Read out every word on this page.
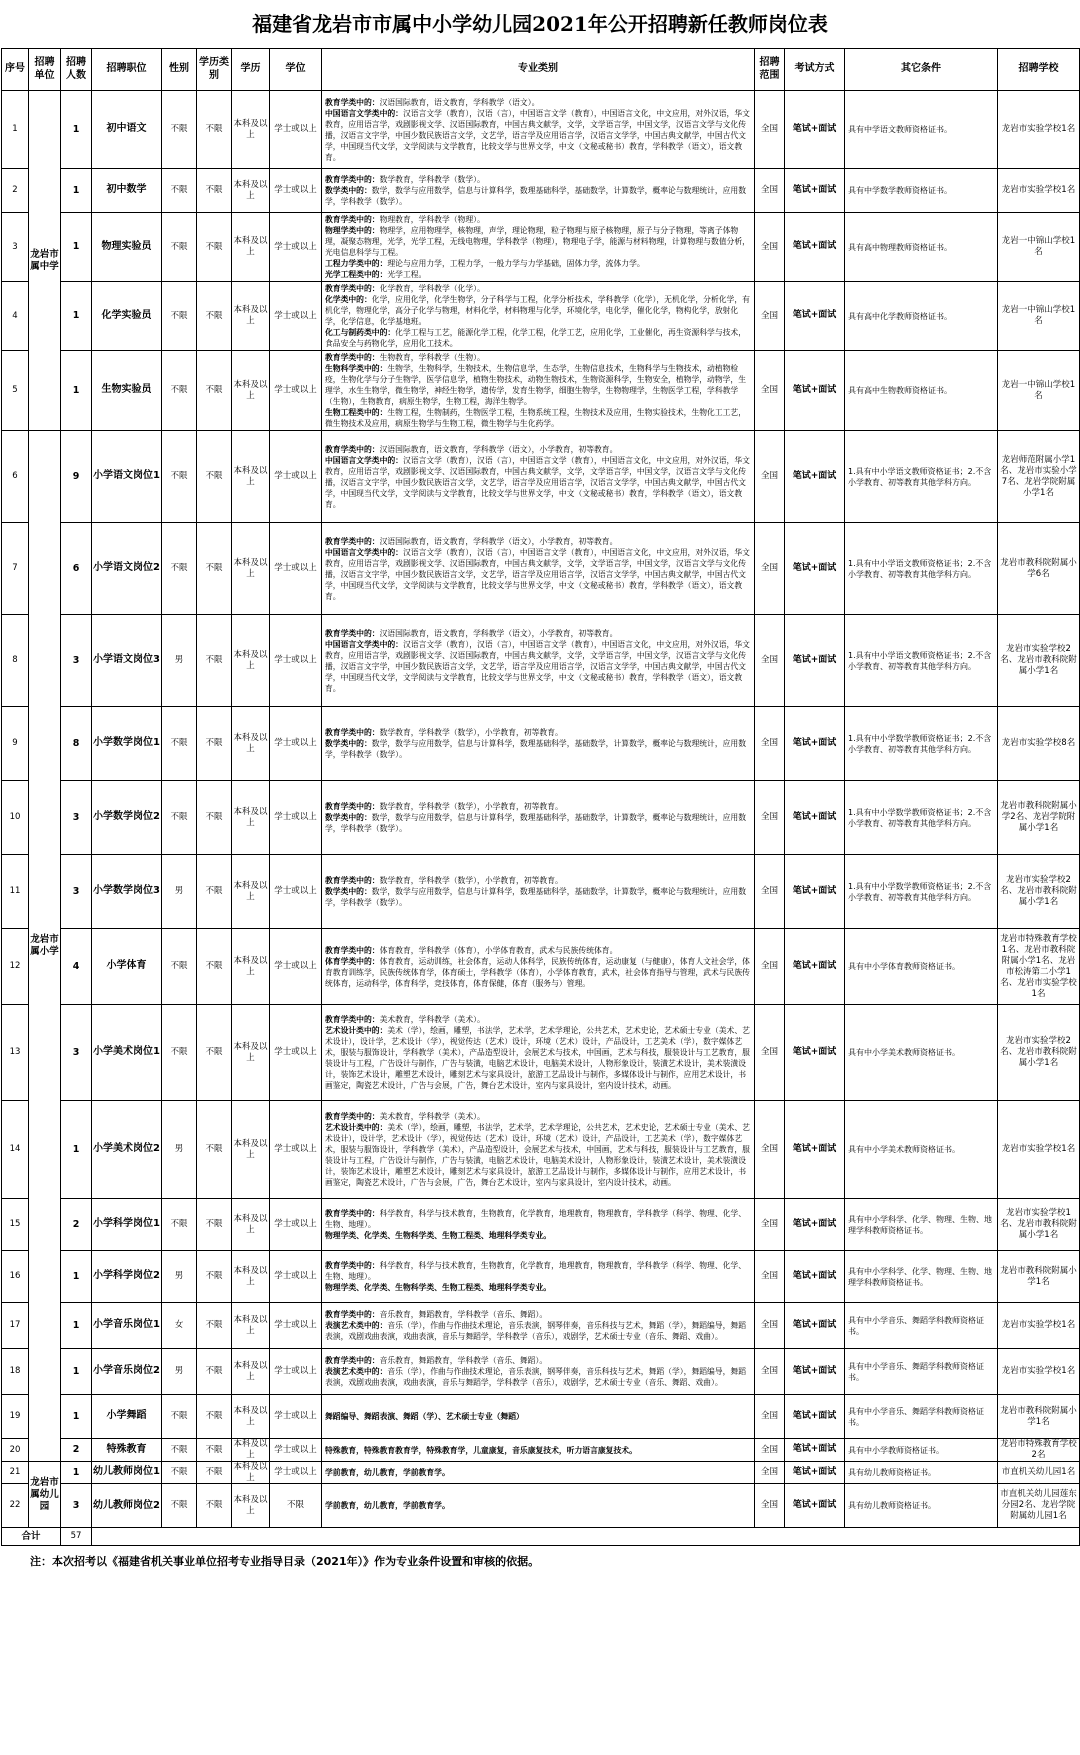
福建省龙岩市市属中小学幼儿园2021年公开招聘新任教师岗位表
序号	招聘单位	招聘人数	招聘职位	性别	学历类别	学历	学位	专业类别	招聘范围	考试方式	其它条件	招聘学校
1	龙岩市属中学	1	初中语文	不限	不限	本科及以上	学士或以上	教育学类中的：汉语国际教育，语文教育，学科教学（语文）。
中国语言文学类中的：汉语言文学（教育），汉语（言），中国语言文学（教育），中国语言文化，中文应用，对外汉语，华文教育，应用语言学，戏剧影视文学、汉语国际教育，中国古典文献学，文学，文学语言学，中国文学，汉语言文学与文化传播，汉语言文字学，中国少数民族语言文学，文艺学，语言学及应用语言学，汉语言文学学，中国古典文献学，中国古代文学，中国现当代文学，文学阅读与文学教育，比较文学与世界文学，中文（文秘或秘书）教育，学科教学（语文），语文教育。	全国	笔试+面试	具有中学语文教师资格证书。	龙岩市实验学校1名
2		1	初中数学	不限	不限	本科及以上	学士或以上	教育学类中的：数学教育，学科教学（数学）。
数学类中的：数学，数学与应用数学，信息与计算科学，数理基础科学，基础数学，计算数学，概率论与数理统计，应用数学，学科教学（数学）。	全国	笔试+面试	具有中学数学教师资格证书。	龙岩市实验学校1名
3		1	物理实验员	不限	不限	本科及以上	学士或以上	教育学类中的：物理教育，学科教学（物理）。
物理学类中的：物理学，应用物理学，核物理，声学，理论物理，粒子物理与原子核物理，原子与分子物理，等离子体物理，凝聚态物理，光学，光学工程，无线电物理，学科教学（物理），物理电子学，能源与材料物理，计算物理与数值分析，光电信息科学与工程。
工程力学类中的：理论与应用力学，工程力学，一般力学与力学基础，固体力学，流体力学。
光学工程类中的：光学工程。	全国	笔试+面试	具有高中物理教师资格证书。	龙岩一中锦山学校1名
4		1	化学实验员	不限	不限	本科及以上	学士或以上	教育学类中的：化学教育，学科教学（化学）。
化学类中的：化学，应用化学，化学生物学，分子科学与工程，化学分析技术，学科教学（化学），无机化学，分析化学，有机化学，物理化学，高分子化学与物理，材料化学，材料物理与化学，环境化学，电化学，催化化学，物构化学，放射化学，化学信息，化学基地班。
化工与制药类中的：化学工程与工艺，能源化学工程，化学工程，化学工艺，应用化学，工业催化，再生资源科学与技术，食品安全与药物化学，应用化工技术。	全国	笔试+面试	具有高中化学教师资格证书。	龙岩一中锦山学校1名
5		1	生物实验员	不限	不限	本科及以上	学士或以上	教育学类中的：生物教育，学科教学（生物）。
生物科学类中的：生物学，生物科学，生物技术，生物信息学，生态学，生物信息技术，生物科学与生物技术，动植物检疫，生物化学与分子生物学，医学信息学，植物生物技术，动物生物技术，生物资源科学，生物安全，植物学，动物学，生理学，水生生物学，微生物学，神经生物学，遗传学，发育生物学，细胞生物学，生物物理学，生物医学工程，学科教学（生物），生物教育，病原生物学，生物工程，海洋生物学。
生物工程类中的：生物工程，生物制药，生物医学工程，生物系统工程，生物技术及应用，生物实验技术，生物化工工艺，微生物技术及应用，病原生物学与生物工程，微生物学与生化药学。	全国	笔试+面试	具有高中生物教师资格证书。	龙岩一中锦山学校1名
6	龙岩市属小学	9	小学语文岗位1	不限	不限	本科及以上	学士或以上	教育学类中的：汉语国际教育，语文教育，学科教学（语文），小学教育，初等教育。
中国语言文学类中的：汉语言文学（教育），汉语（言），中国语言文学（教育），中国语言文化，中文应用，对外汉语，华文教育，应用语言学，戏剧影视文学、汉语国际教育，中国古典文献学，文学，文学语言学，中国文学，汉语言文学与文化传播，汉语言文字学，中国少数民族语言文学，文艺学，语言学及应用语言学，汉语言文学学，中国古典文献学，中国古代文学，中国现当代文学，文学阅读与文学教育，比较文学与世界文学，中文（文秘或秘书）教育，学科教学（语文），语文教育。	全国	笔试+面试	1.具有中小学语文教师资格证书；2.不含小学教育、初等教育其他学科方向。	龙岩师范附属小学1名、龙岩市实验小学7名、龙岩学院附属小学1名
7		6	小学语文岗位2	不限	不限	本科及以上	学士或以上	教育学类中的：汉语国际教育，语文教育，学科教学（语文），小学教育，初等教育。
中国语言文学类中的：汉语言文学（教育），汉语（言），中国语言文学（教育），中国语言文化，中文应用，对外汉语，华文教育，应用语言学，戏剧影视文学、汉语国际教育，中国古典文献学，文学，文学语言学，中国文学，汉语言文学与文化传播，汉语言文字学，中国少数民族语言文学，文艺学，语言学及应用语言学，汉语言文学学，中国古典文献学，中国古代文学，中国现当代文学，文学阅读与文学教育，比较文学与世界文学，中文（文秘或秘书）教育，学科教学（语文），语文教育。	全国	笔试+面试	1.具有中小学语文教师资格证书；2.不含小学教育、初等教育其他学科方向。	龙岩市教科院附属小学6名
8		3	小学语文岗位3	男	不限	本科及以上	学士或以上	教育学类中的：汉语国际教育，语文教育，学科教学（语文），小学教育，初等教育。
中国语言文学类中的：汉语言文学（教育），汉语（言），中国语言文学（教育），中国语言文化，中文应用，对外汉语，华文教育，应用语言学，戏剧影视文学、汉语国际教育，中国古典文献学，文学，文学语言学，中国文学，汉语言文学与文化传播，汉语言文字学，中国少数民族语言文学，文艺学，语言学及应用语言学，汉语言文学学，中国古典文献学，中国古代文学，中国现当代文学，文学阅读与文学教育，比较文学与世界文学，中文（文秘或秘书）教育，学科教学（语文），语文教育。	全国	笔试+面试	1.具有中小学语文教师资格证书；2.不含小学教育、初等教育其他学科方向。	龙岩市实验学校2名、龙岩市教科院附属小学1名
9		8	小学数学岗位1	不限	不限	本科及以上	学士或以上	教育学类中的：数学教育，学科教学（数学），小学教育，初等教育。
数学类中的：数学，数学与应用数学，信息与计算科学，数理基础科学，基础数学，计算数学，概率论与数理统计，应用数学，学科教学（数学）。	全国	笔试+面试	1.具有中小学数学教师资格证书；2.不含小学教育、初等教育其他学科方向。	龙岩市实验学校8名
10		3	小学数学岗位2	不限	不限	本科及以上	学士或以上	教育学类中的：数学教育，学科教学（数学），小学教育，初等教育。
数学类中的：数学，数学与应用数学，信息与计算科学，数理基础科学，基础数学，计算数学，概率论与数理统计，应用数学，学科教学（数学）。	全国	笔试+面试	1.具有中小学数学教师资格证书；2.不含小学教育、初等教育其他学科方向。	龙岩市教科院附属小学2名、龙岩学院附属小学1名
11		3	小学数学岗位3	男	不限	本科及以上	学士或以上	教育学类中的：数学教育，学科教学（数学），小学教育，初等教育。
数学类中的：数学，数学与应用数学，信息与计算科学，数理基础科学，基础数学，计算数学，概率论与数理统计，应用数学，学科教学（数学）。	全国	笔试+面试	1.具有中小学数学教师资格证书；2.不含小学教育、初等教育其他学科方向。	龙岩市实验学校2名、龙岩市教科院附属小学1名
12		4	小学体育	不限	不限	本科及以上	学士或以上	教育学类中的：体育教育，学科教学（体育），小学体育教育，武术与民族传统体育。
体育学类中的：体育教育，运动训练，社会体育，运动人体科学，民族传统体育，运动康复（与健康），体育人文社会学，体育教育训练学，民族传统体育学，体育硕士，学科教学（体育），小学体育教育，武术，社会体育指导与管理，武术与民族传统体育，运动科学，体育科学，竞技体育，体育保健，体育（服务与）管理。	全国	笔试+面试	具有中小学体育教师资格证书。	龙岩市特殊教育学校1名、龙岩市教科院附属小学1名、龙岩市松涛第二小学1名、龙岩市实验学校1名
13		3	小学美术岗位1	不限	不限	本科及以上	学士或以上	教育学类中的：美术教育，学科教学（美术）。
艺术设计类中的：美术（学），绘画，雕塑，书法学，艺术学，艺术学理论，公共艺术，艺术史论，艺术硕士专业（美术、艺术设计），设计学，艺术设计（学），视觉传达（艺术）设计，环境（艺术）设计，产品设计，工艺美术（学），数字媒体艺术，服装与服饰设计，学科教学（美术），产品造型设计，会展艺术与技术，中国画，艺术与科技，服装设计与工艺教育，服装设计与工程，广告设计与制作，广告与装潢，电脑艺术设计，电脑美术设计，人物形象设计，装潢艺术设计，美术装潢设计，装饰艺术设计，雕塑艺术设计，雕刻艺术与家具设计，旅游工艺品设计与制作，多媒体设计与制作，应用艺术设计，书画鉴定，陶瓷艺术设计，广告与会展，广告，舞台艺术设计，室内与家具设计，室内设计技术，动画。	全国	笔试+面试	具有中小学美术教师资格证书。	龙岩市实验学校2名、龙岩市教科院附属小学1名
14		1	小学美术岗位2	男	不限	本科及以上	学士或以上	教育学类中的：美术教育，学科教学（美术）。
艺术设计类中的：美术（学），绘画，雕塑，书法学，艺术学，艺术学理论，公共艺术，艺术史论，艺术硕士专业（美术、艺术设计），设计学，艺术设计（学），视觉传达（艺术）设计，环境（艺术）设计，产品设计，工艺美术（学），数字媒体艺术，服装与服饰设计，学科教学（美术），产品造型设计，会展艺术与技术，中国画，艺术与科技，服装设计与工艺教育，服装设计与工程，广告设计与制作，广告与装潢，电脑艺术设计，电脑美术设计，人物形象设计，装潢艺术设计，美术装潢设计，装饰艺术设计，雕塑艺术设计，雕刻艺术与家具设计，旅游工艺品设计与制作，多媒体设计与制作，应用艺术设计，书画鉴定，陶瓷艺术设计，广告与会展，广告，舞台艺术设计，室内与家具设计，室内设计技术，动画。	全国	笔试+面试	具有中小学美术教师资格证书。	龙岩市实验学校1名
15		2	小学科学岗位1	不限	不限	本科及以上	学士或以上	教育学类中的：科学教育，科学与技术教育，生物教育，化学教育，地理教育，物理教育，学科教学（科学、物理、化学、生物、地理）。
物理学类、化学类、生物科学类、生物工程类、地理科学类专业。	全国	笔试+面试	具有中小学科学、化学、物理、生物、地理学科教师资格证书。	龙岩市实验学校1名、龙岩市教科院附属小学1名
16		1	小学科学岗位2	男	不限	本科及以上	学士或以上	教育学类中的：科学教育，科学与技术教育，生物教育，化学教育，地理教育，物理教育，学科教学（科学、物理、化学、生物、地理）。
物理学类、化学类、生物科学类、生物工程类、地理科学类专业。	全国	笔试+面试	具有中小学科学、化学、物理、生物、地理学科教师资格证书。	龙岩市教科院附属小学1名
17		1	小学音乐岗位1	女	不限	本科及以上	学士或以上	教育学类中的：音乐教育，舞蹈教育，学科教学（音乐、舞蹈）。
表演艺术类中的：音乐（学），作曲与作曲技术理论，音乐表演，钢琴伴奏，音乐科技与艺术，舞蹈（学），舞蹈编导，舞蹈表演，戏剧戏曲表演，戏曲表演，音乐与舞蹈学，学科教学（音乐），戏剧学，艺术硕士专业（音乐、舞蹈、戏曲）。	全国	笔试+面试	具有中小学音乐、舞蹈学科教师资格证书。	龙岩市实验学校1名
18		1	小学音乐岗位2	男	不限	本科及以上	学士或以上	教育学类中的：音乐教育，舞蹈教育，学科教学（音乐、舞蹈）。
表演艺术类中的：音乐（学），作曲与作曲技术理论，音乐表演，钢琴伴奏，音乐科技与艺术，舞蹈（学），舞蹈编导，舞蹈表演，戏剧戏曲表演，戏曲表演，音乐与舞蹈学，学科教学（音乐），戏剧学，艺术硕士专业（音乐、舞蹈、戏曲）。	全国	笔试+面试	具有中小学音乐、舞蹈学科教师资格证书。	龙岩市实验学校1名
19		1	小学舞蹈	不限	不限	本科及以上	学士或以上	舞蹈编导、舞蹈表演、舞蹈（学）、艺术硕士专业（舞蹈）	全国	笔试+面试	具有中小学音乐、舞蹈学科教师资格证书。	龙岩市教科院附属小学1名
20		2	特殊教育	不限	不限	本科及以上	学士或以上	特殊教育，特殊教育教育学，特殊教育学，儿童康复，音乐康复技术，听力语言康复技术。	全国	笔试+面试	具有中小学教师资格证书。	龙岩市特殊教育学校2名
21	龙岩市属幼儿园	1	幼儿教师岗位1	不限	不限	本科及以上	学士或以上	学前教育，幼儿教育，学前教育学。	全国	笔试+面试	具有幼儿教师资格证书。	市直机关幼儿园1名
22		3	幼儿教师岗位2	不限	不限	本科及以上	不限	学前教育，幼儿教育，学前教育学。	全国	笔试+面试	具有幼儿教师资格证书。	市直机关幼儿园莲东分园2名、龙岩学院附属幼儿园1名
合计		57										
注：本次招考以《福建省机关事业单位招考专业指导目录（2021年）》作为专业条件设置和审核的依据。
